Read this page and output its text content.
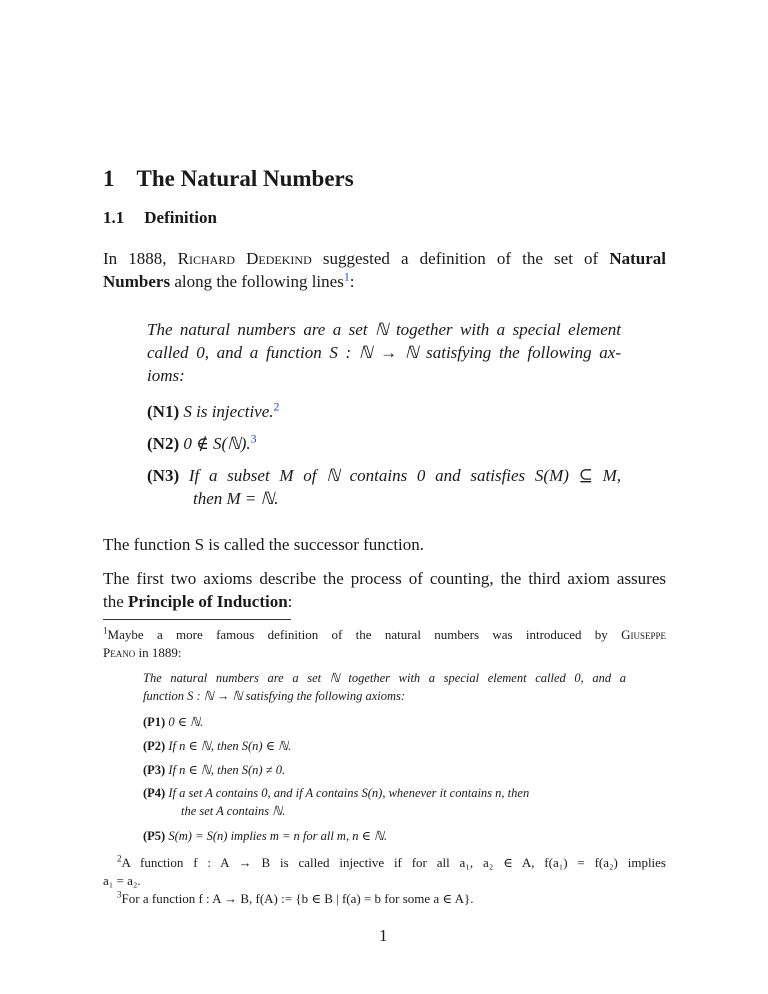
1 The Natural Numbers
1.1 Definition
In 1888, Richard Dedekind suggested a definition of the set of Natural
Numbers along the following lines$^1$:
The natural numbers are a set ℕ together with a special element
called 0, and a function S : ℕ → ℕ satisfying the following ax-
ioms:
(N1) S is injective.$^2$
(N2) 0 ∉ S(ℕ).$^3$
(N3) If a subset M of ℕ contains 0 and satisfies S(M) ⊆ M,
then M = ℕ.
The function S is called the successor function.
The first two axioms describe the process of counting, the third axiom assures
the Principle of Induction:
$^1$Maybe a more famous definition of the natural numbers was introduced by Giuseppe
Peano in 1889:
The natural numbers are a set ℕ together with a special element called 0, and a
function S : ℕ → ℕ satisfying the following axioms:
(P1) 0 ∈ ℕ.
(P2) If n ∈ ℕ, then S(n) ∈ ℕ.
(P3) If n ∈ ℕ, then S(n) ≠ 0.
(P4) If a set A contains 0, and if A contains S(n), whenever it contains n, then
the set A contains ℕ.
(P5) S(m) = S(n) implies m = n for all m, n ∈ ℕ.
$^2$A function f : A → B is called injective if for all a₁, a₂ ∈ A, f(a₁) = f(a₂) implies
a₁ = a₂.
$^3$For a function f : A → B, f(A) := {b ∈ B | f(a) = b for some a ∈ A}.
1
